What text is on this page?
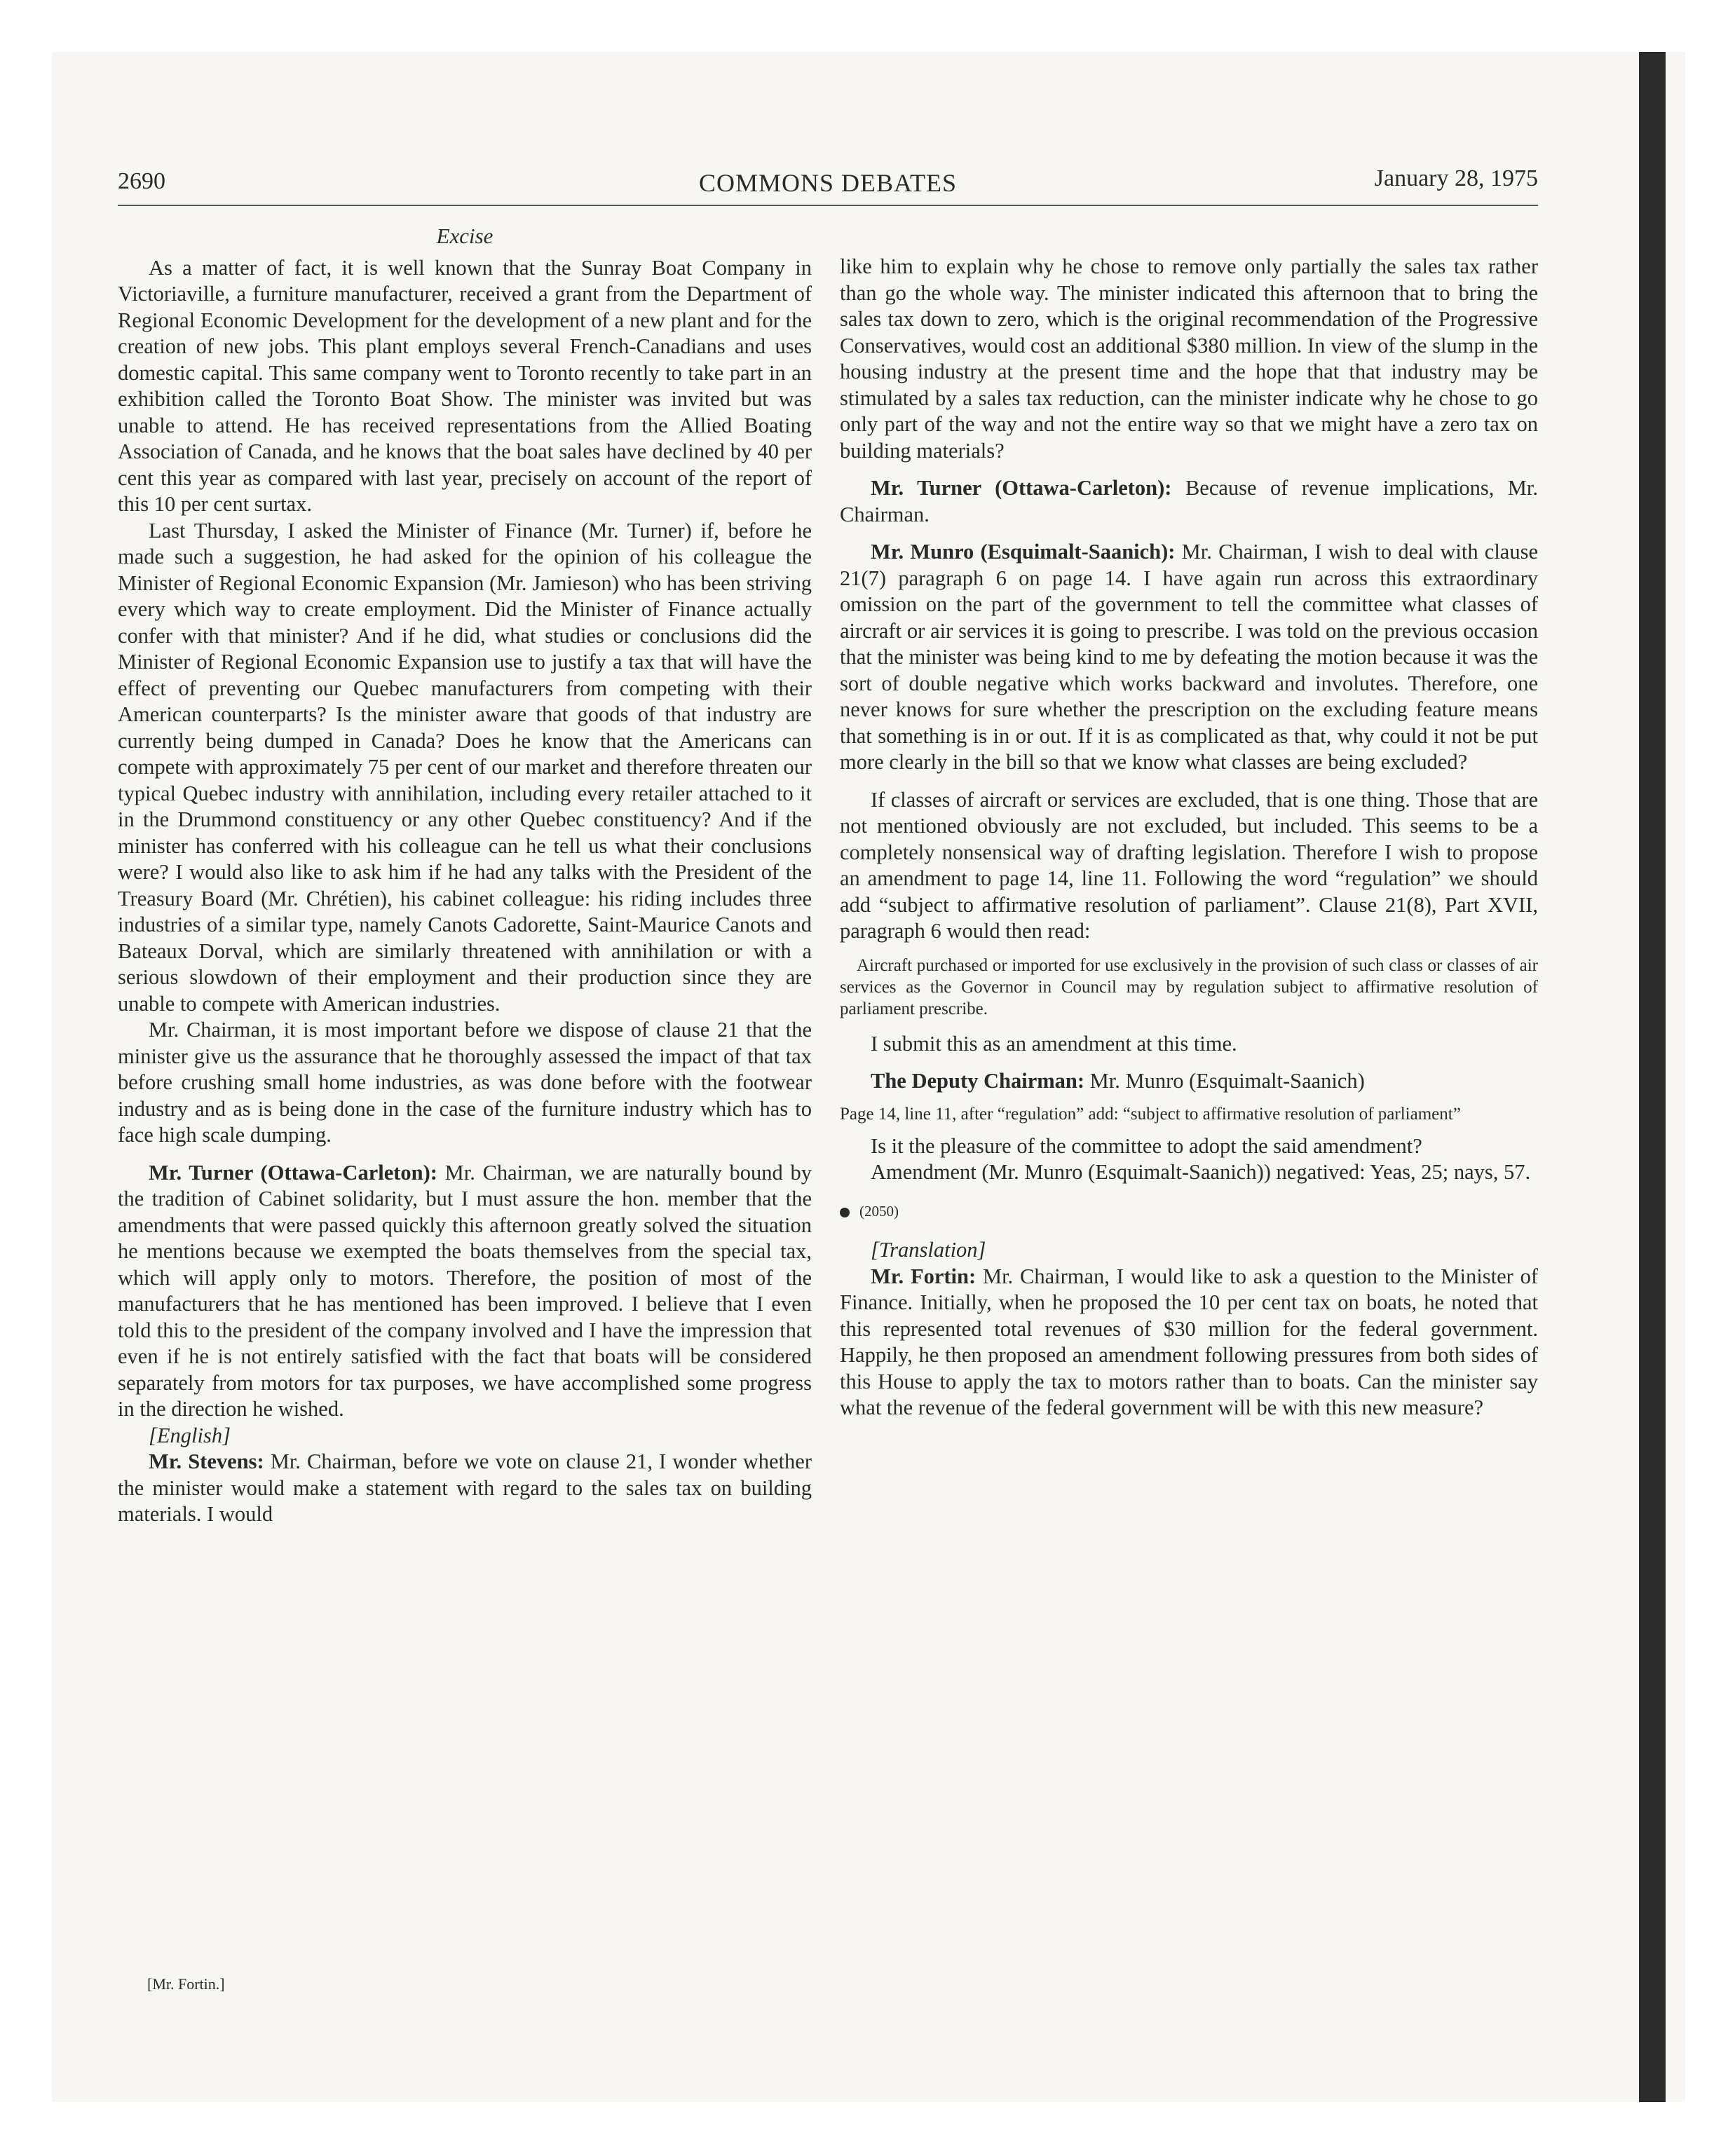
2690	COMMONS DEBATES	January 28, 1975
Excise

As a matter of fact, it is well known that the Sunray Boat Company in Victoriaville, a furniture manufacturer, received a grant from the Department of Regional Economic Development for the development of a new plant and for the creation of new jobs. This plant employs several French-Canadians and uses domestic capital. This same company went to Toronto recently to take part in an exhibition called the Toronto Boat Show. The minister was invited but was unable to attend. He has received representations from the Allied Boating Association of Canada, and he knows that the boat sales have declined by 40 per cent this year as compared with last year, precisely on account of the report of this 10 per cent surtax.

Last Thursday, I asked the Minister of Finance (Mr. Turner) if, before he made such a suggestion, he had asked for the opinion of his colleague the Minister of Regional Economic Expansion (Mr. Jamieson) who has been striving every which way to create employment. Did the Minister of Finance actually confer with that minister? And if he did, what studies or conclusions did the Minister of Regional Economic Expansion use to justify a tax that will have the effect of preventing our Quebec manufacturers from competing with their American counterparts? Is the minister aware that goods of that industry are currently being dumped in Canada? Does he know that the Americans can compete with approximately 75 per cent of our market and therefore threaten our typical Quebec industry with annihilation, including every retailer attached to it in the Drummond constituency or any other Quebec constituency? And if the minister has conferred with his colleague can he tell us what their conclusions were? I would also like to ask him if he had any talks with the President of the Treasury Board (Mr. Chrétien), his cabinet colleague: his riding includes three industries of a similar type, namely Canots Cadorette, Saint-Maurice Canots and Bateaux Dorval, which are similarly threatened with annihilation or with a serious slowdown of their employment and their production since they are unable to compete with American industries.

Mr. Chairman, it is most important before we dispose of clause 21 that the minister give us the assurance that he thoroughly assessed the impact of that tax before crushing small home industries, as was done before with the footwear industry and as is being done in the case of the furniture industry which has to face high scale dumping.

Mr. Turner (Ottawa-Carleton): Mr. Chairman, we are naturally bound by the tradition of Cabinet solidarity, but I must assure the hon. member that the amendments that were passed quickly this afternoon greatly solved the situation he mentions because we exempted the boats themselves from the special tax, which will apply only to motors. Therefore, the position of most of the manufacturers that he has mentioned has been improved. I believe that I even told this to the president of the company involved and I have the impression that even if he is not entirely satisfied with the fact that boats will be considered separately from motors for tax purposes, we have accomplished some progress in the direction he wished.

[English]

Mr. Stevens: Mr. Chairman, before we vote on clause 21, I wonder whether the minister would make a statement with regard to the sales tax on building materials. I would

like him to explain why he chose to remove only partially the sales tax rather than go the whole way. The minister indicated this afternoon that to bring the sales tax down to zero, which is the original recommendation of the Progressive Conservatives, would cost an additional $380 million. In view of the slump in the housing industry at the present time and the hope that that industry may be stimulated by a sales tax reduction, can the minister indicate why he chose to go only part of the way and not the entire way so that we might have a zero tax on building materials?

Mr. Turner (Ottawa-Carleton): Because of revenue implications, Mr. Chairman.

Mr. Munro (Esquimalt-Saanich): Mr. Chairman, I wish to deal with clause 21(7) paragraph 6 on page 14. I have again run across this extraordinary omission on the part of the government to tell the committee what classes of aircraft or air services it is going to prescribe. I was told on the previous occasion that the minister was being kind to me by defeating the motion because it was the sort of double negative which works backward and involutes. Therefore, one never knows for sure whether the prescription on the excluding feature means that something is in or out. If it is as complicated as that, why could it not be put more clearly in the bill so that we know what classes are being excluded?

If classes of aircraft or services are excluded, that is one thing. Those that are not mentioned obviously are not excluded, but included. This seems to be a completely nonsensical way of drafting legislation. Therefore I wish to propose an amendment to page 14, line 11. Following the word “regulation” we should add “subject to affirmative resolution of parliament”. Clause 21(8), Part XVII, paragraph 6 would then read:

Aircraft purchased or imported for use exclusively in the provision of such class or classes of air services as the Governor in Council may by regulation subject to affirmative resolution of parliament prescribe.

I submit this as an amendment at this time.

The Deputy Chairman: Mr. Munro (Esquimalt-Saanich)

Page 14, line 11, after “regulation” add: “subject to affirmative resolution of parliament”

Is it the pleasure of the committee to adopt the said amendment?

Amendment (Mr. Munro (Esquimalt-Saanich)) negatived: Yeas, 25; nays, 57.

(2050)

[Translation]

Mr. Fortin: Mr. Chairman, I would like to ask a question to the Minister of Finance. Initially, when he proposed the 10 per cent tax on boats, he noted that this represented total revenues of $30 million for the federal government. Happily, he then proposed an amendment following pressures from both sides of this House to apply the tax to motors rather than to boats. Can the minister say what the revenue of the federal government will be with this new measure?

[Mr. Fortin.]
